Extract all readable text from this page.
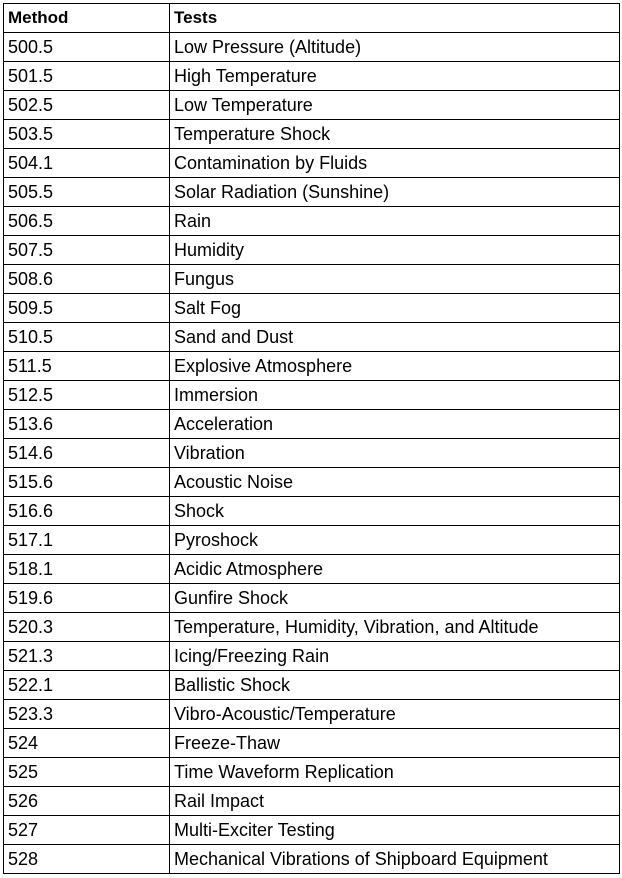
Method	Tests
500.5	Low Pressure (Altitude)
501.5	High Temperature
502.5	Low Temperature
503.5	Temperature Shock
504.1	Contamination by Fluids
505.5	Solar Radiation (Sunshine)
506.5	Rain
507.5	Humidity
508.6	Fungus
509.5	Salt Fog
510.5	Sand and Dust
511.5	Explosive Atmosphere
512.5	Immersion
513.6	Acceleration
514.6	Vibration
515.6	Acoustic Noise
516.6	Shock
517.1	Pyroshock
518.1	Acidic Atmosphere
519.6	Gunfire Shock
520.3	Temperature, Humidity, Vibration, and Altitude
521.3	Icing/Freezing Rain
522.1	Ballistic Shock
523.3	Vibro-Acoustic/Temperature
524	Freeze-Thaw
525	Time Waveform Replication
526	Rail Impact
527	Multi-Exciter Testing
528	Mechanical Vibrations of Shipboard Equipment
